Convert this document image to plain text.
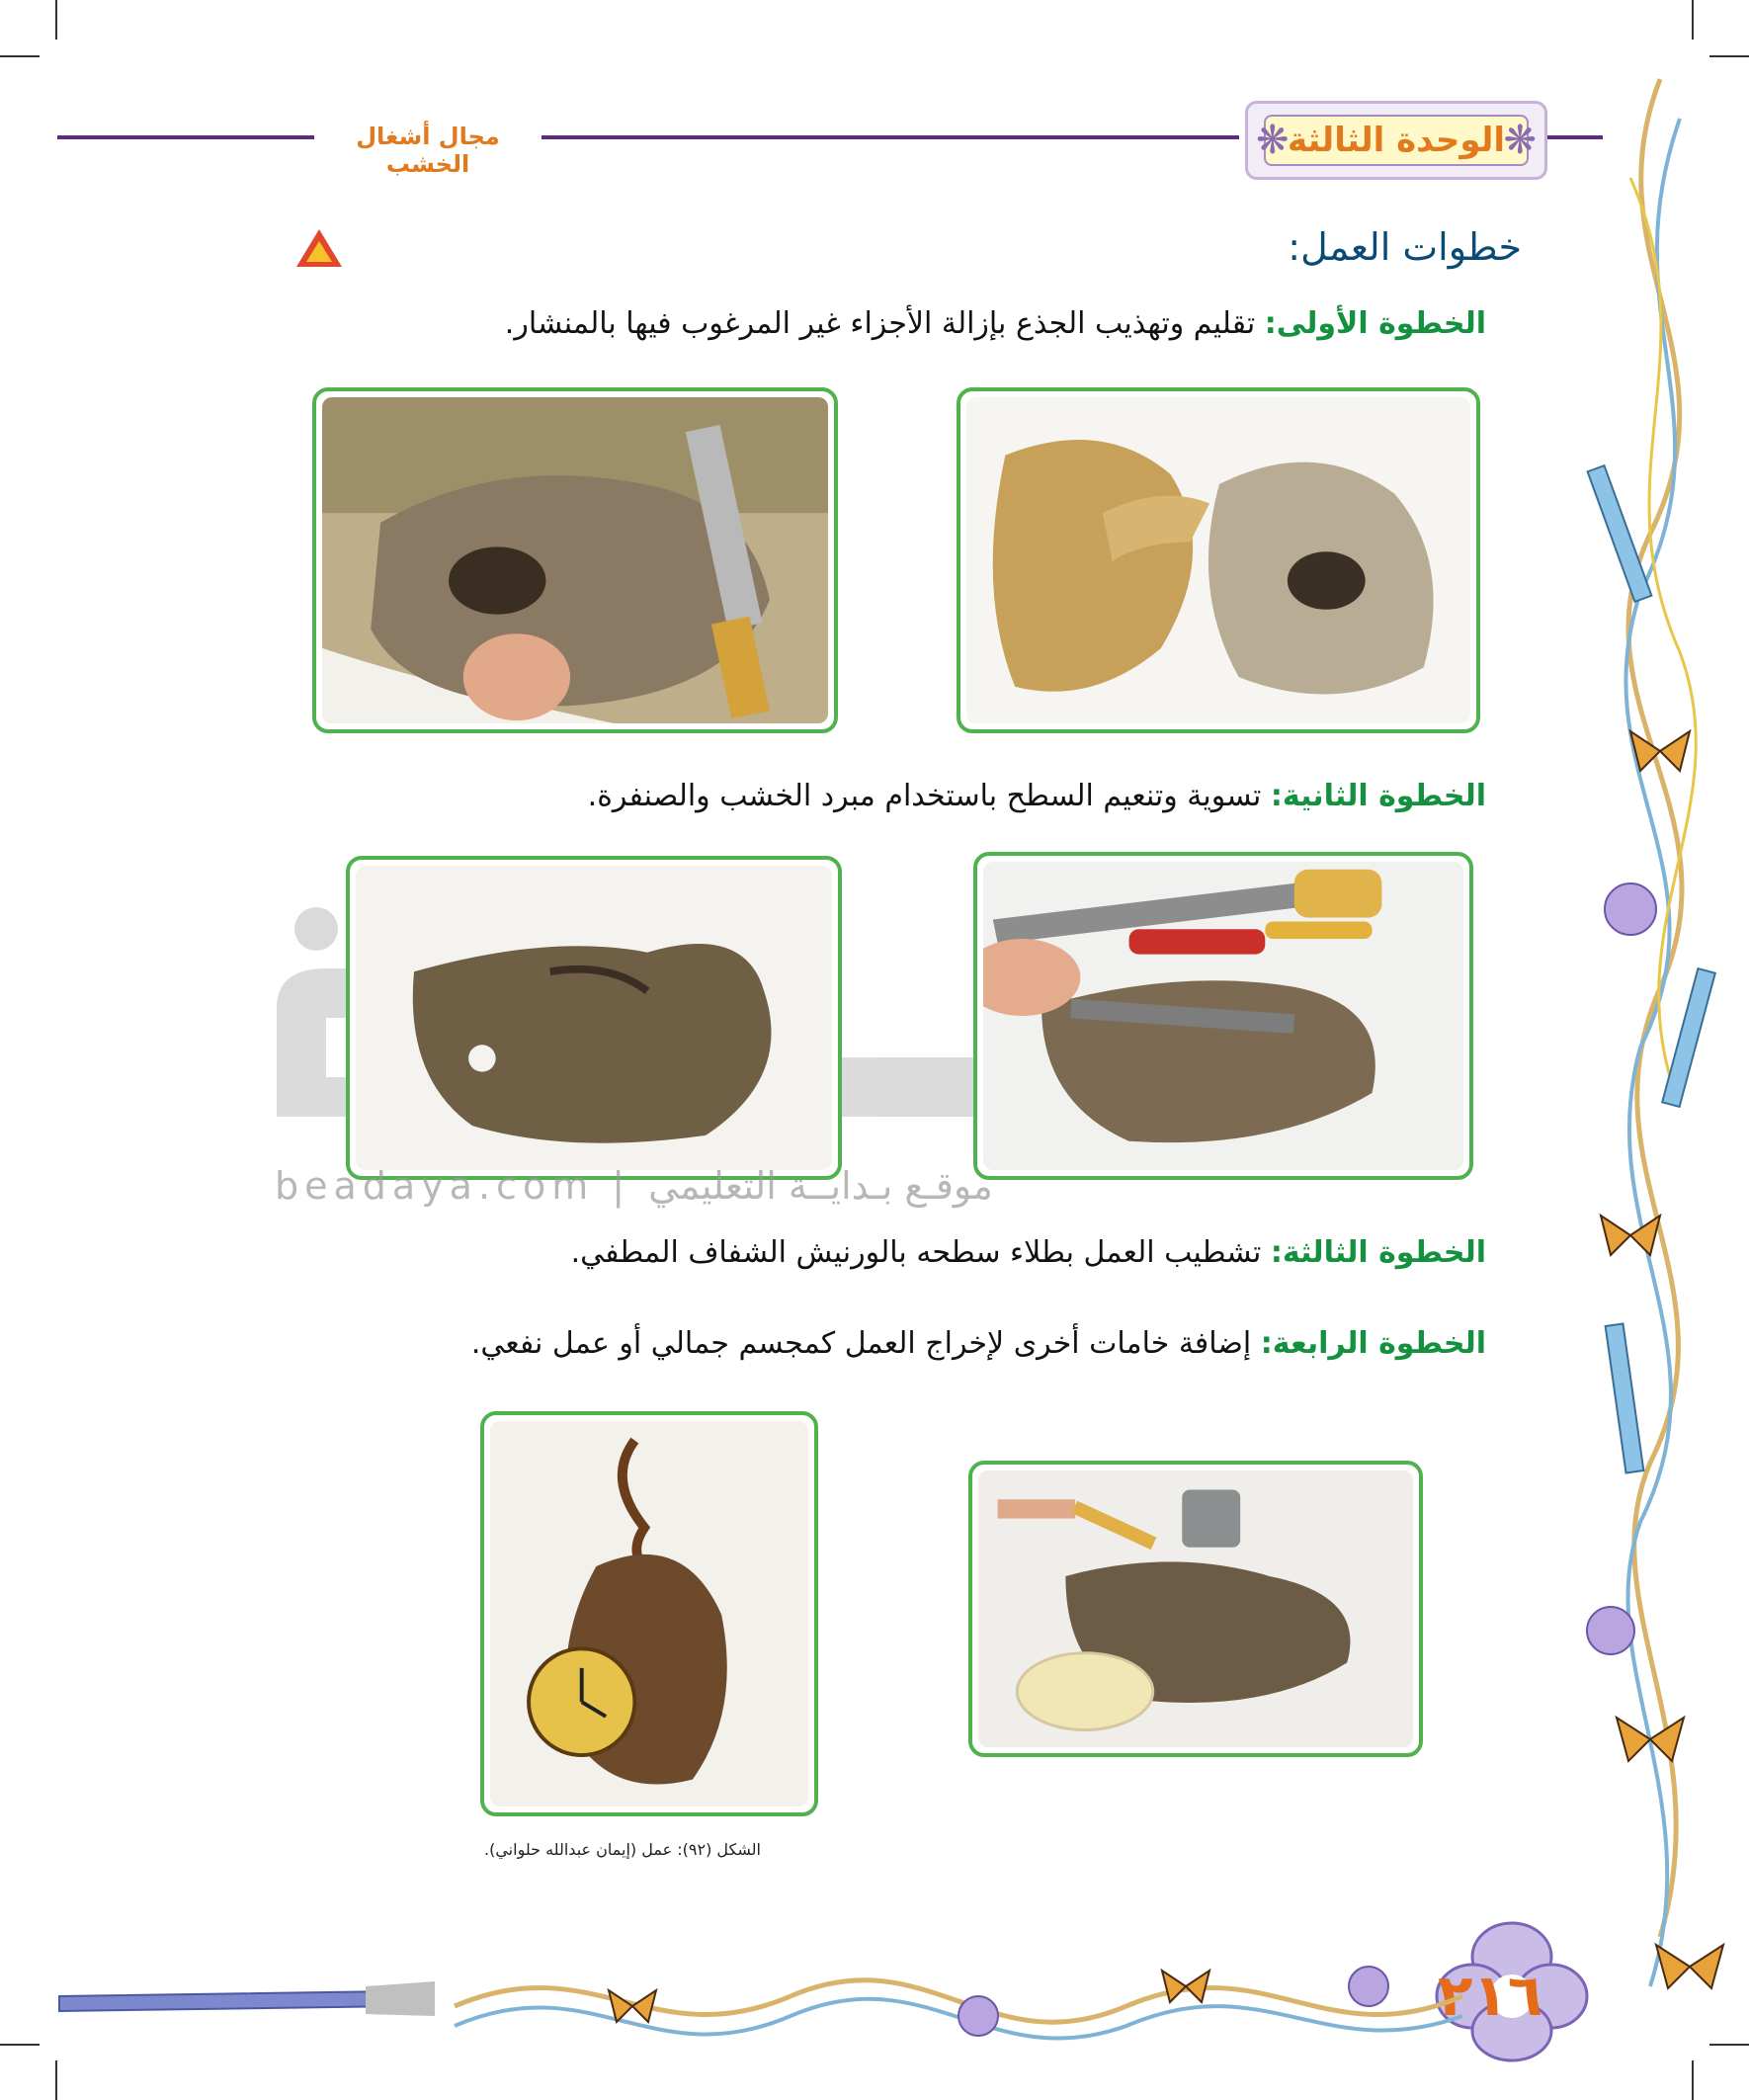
مجال أشغال الخشب
❋
الوحدة الثالثة
❋
خطوات العمل:
الخطوة الأولى: تقليم وتهذيب الجذع بإزالة الأجزاء غير المرغوب فيها بالمنشار.
الخطوة الثانية: تسوية وتنعيم السطح باستخدام مبرد الخشب والصنفرة.
beadaya.com | موقـع بـدايــة التعليمي
الخطوة الثالثة: تشطيب العمل بطلاء سطحه بالورنيش الشفاف المطفي.
الخطوة الرابعة: إضافة خامات أخرى لإخراج العمل كمجسم جمالي أو عمل نفعي.
الشكل (٩٢): عمل (إيمان عبدالله حلواني).
٢١٦
